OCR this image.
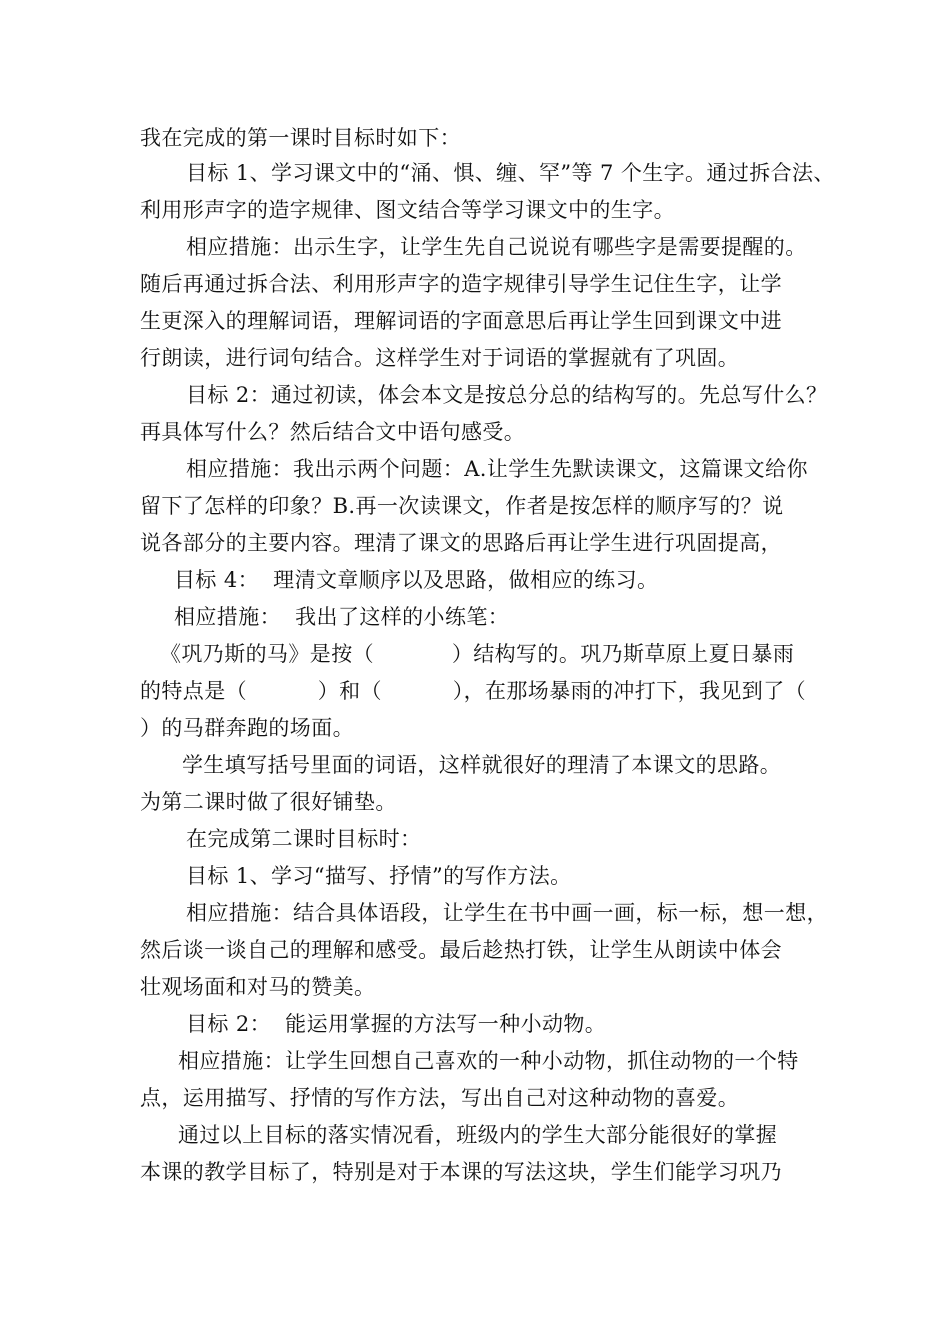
我在完成的第一课时目标时如下：
目标 1、学习课文中的“涌、惧、缠、罕”等 7 个生字。通过拆合法、
利用形声字的造字规律、图文结合等学习课文中的生字。
相应措施：出示生字，让学生先自己说说有哪些字是需要提醒的。
随后再通过拆合法、利用形声字的造字规律引导学生记住生字，让学
生更深入的理解词语，理解词语的字面意思后再让学生回到课文中进
行朗读，进行词句结合。这样学生对于词语的掌握就有了巩固。
目标 2：通过初读，体会本文是按总分总的结构写的。先总写什么？
再具体写什么？然后结合文中语句感受。
相应措施：我出示两个问题：A.让学生先默读课文，这篇课文给你
留下了怎样的印象？B.再一次读课文，作者是按怎样的顺序写的？说
说各部分的主要内容。理清了课文的思路后再让学生进行巩固提高，
目标 4：  理清文章顺序以及思路，做相应的练习。
相应措施：  我出了这样的小练笔：
《巩乃斯的马》是按（           ）结构写的。巩乃斯草原上夏日暴雨
的特点是（          ）和（          ），在那场暴雨的冲打下，我见到了（
）的马群奔跑的场面。
学生填写括号里面的词语，这样就很好的理清了本课文的思路。
为第二课时做了很好铺垫。
在完成第二课时目标时：
目标 1、学习“描写、抒情”的写作方法。
相应措施：结合具体语段，让学生在书中画一画，标一标，想一想，
然后谈一谈自己的理解和感受。最后趁热打铁，让学生从朗读中体会
壮观场面和对马的赞美。
目标 2：  能运用掌握的方法写一种小动物。
相应措施：让学生回想自己喜欢的一种小动物，抓住动物的一个特
点，运用描写、抒情的写作方法，写出自己对这种动物的喜爱。
通过以上目标的落实情况看，班级内的学生大部分能很好的掌握
本课的教学目标了，特别是对于本课的写法这块，学生们能学习巩乃
